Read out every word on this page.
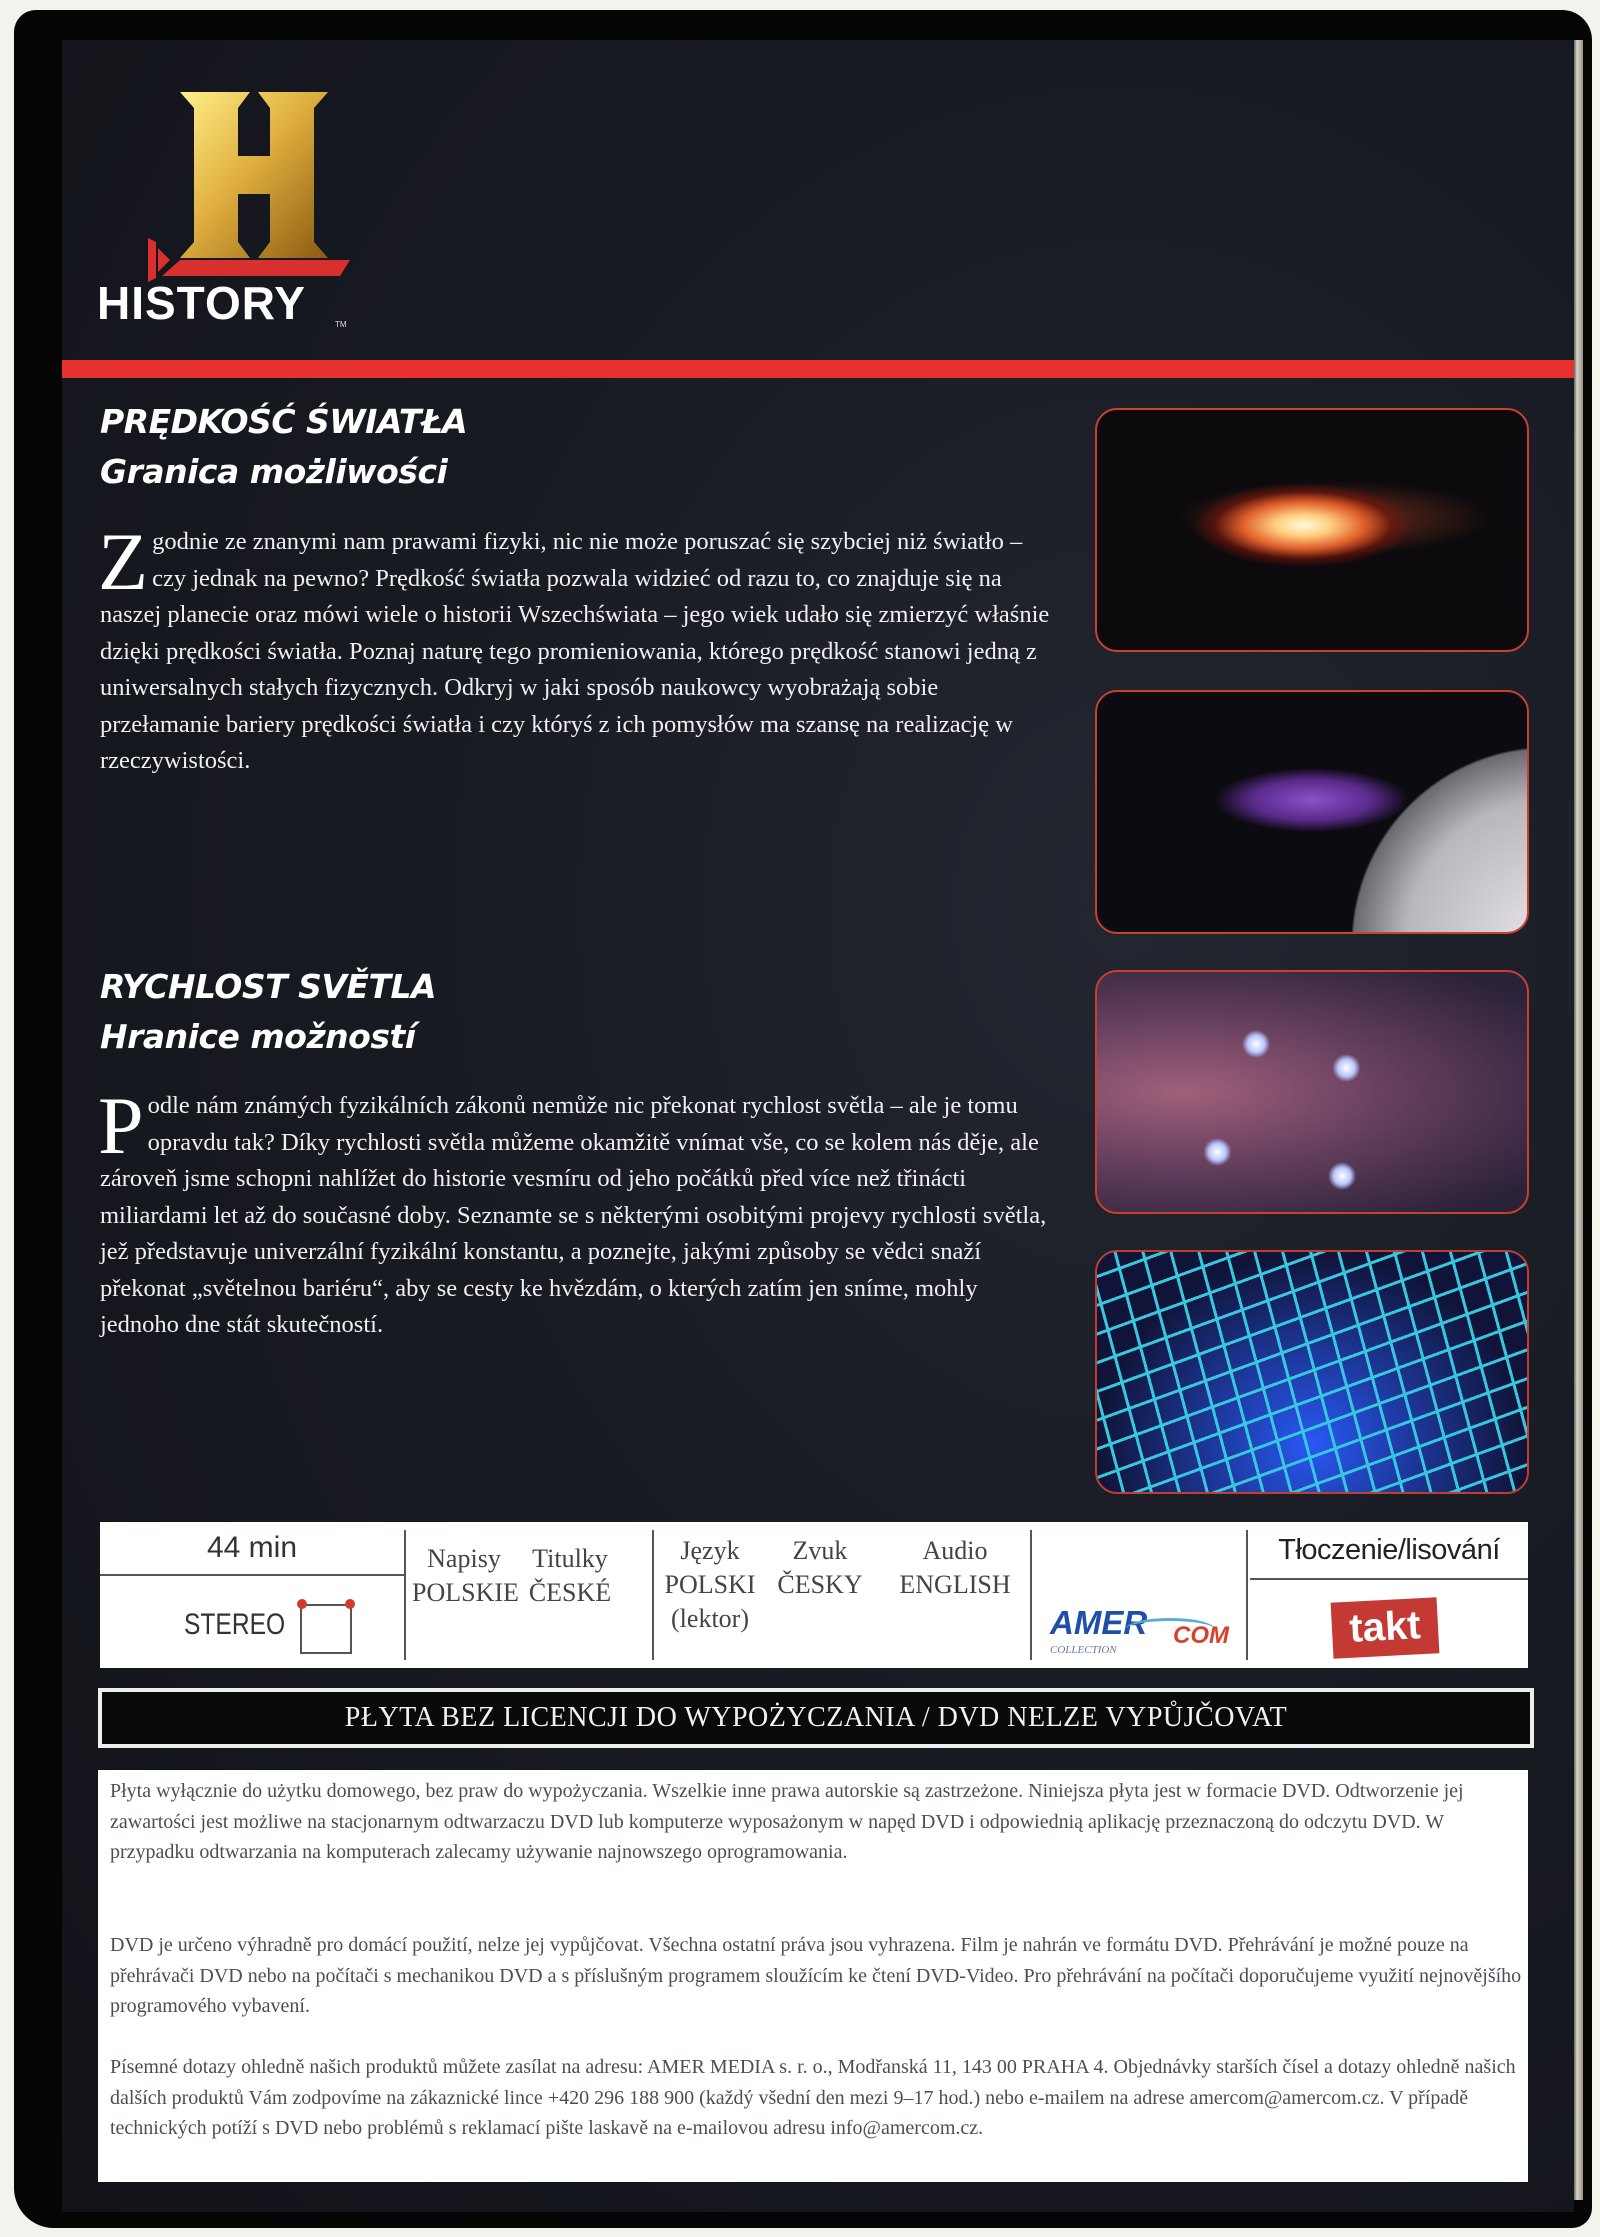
HISTORY	TM
PRĘDKOŚĆ ŚWIATŁA
Granica możliwości
Zgodnie ze znanymi nam prawami fizyki, nic nie może poruszać się szybciej niż światło – czy jednak na pewno? Prędkość światła pozwala widzieć od razu to, co znajduje się na naszej planecie oraz mówi wiele o historii Wszechświata – jego wiek udało się zmierzyć właśnie dzięki prędkości światła. Poznaj naturę tego promieniowania, którego prędkość stanowi jedną z uniwersalnych stałych fizycznych. Odkryj w jaki sposób naukowcy wyobrażają sobie przełamanie bariery prędkości światła i czy któryś z ich pomysłów ma szansę na realizację w rzeczywistości.
RYCHLOST SVĚTLA
Hranice možností
Podle nám známých fyzikálních zákonů nemůže nic překonat rychlost světla – ale je tomu opravdu tak? Díky rychlosti světla můžeme okamžitě vnímat vše, co se kolem nás děje, ale zároveň jsme schopni nahlížet do historie vesmíru od jeho počátků před více než třinácti miliardami let až do současné doby. Seznamte se s některými osobitými projevy rychlosti světla, jež představuje univerzální fyzikální konstantu, a poznejte, jakými způsoby se vědci snaží překonat „světelnou bariéru“, aby se cesty ke hvězdám, o kterých zatím jen sníme, mohly jednoho dne stát skutečností.
44 min
STEREO
Napisy
POLSKIE
Titulky
ČESKÉ
Język
POLSKI
(lektor)
Zvuk
ČESKY
Audio
ENGLISH
AMER COM
COLLECTION
Tłoczenie/lisování
takt
PŁYTA BEZ LICENCJI DO WYPOŻYCZANIA / DVD NELZE VYPŮJČOVAT

Płyta wyłącznie do użytku domowego, bez praw do wypożyczania. Wszelkie inne prawa autorskie są zastrzeżone. Niniejsza płyta jest w formacie DVD. Odtworzenie jej zawartości jest możliwe na stacjonarnym odtwarzaczu DVD lub komputerze wyposażonym w napęd DVD i odpowiednią aplikację przeznaczoną do odczytu DVD. W przypadku odtwarzania na komputerach zalecamy używanie najnowszego oprogramowania.

DVD je určeno výhradně pro domácí použití, nelze jej vypůjčovat. Všechna ostatní práva jsou vyhrazena. Film je nahrán ve formátu DVD. Přehrávání je možné pouze na přehrávači DVD nebo na počítači s mechanikou DVD a s příslušným programem sloužícím ke čtení DVD-Video. Pro přehrávání na počítači doporučujeme využití nejnovějšího programového vybavení.

Písemné dotazy ohledně našich produktů můžete zasílat na adresu: AMER MEDIA s. r. o., Modřanská 11, 143 00 PRAHA 4. Objednávky starších čísel a dotazy ohledně našich dalších produktů Vám zodpovíme na zákaznické lince +420 296 188 900 (každý všední den mezi 9–17 hod.) nebo e-mailem na adrese amercom@amercom.cz. V případě technických potíží s DVD nebo problémů s reklamací pište laskavě na e-mailovou adresu info@amercom.cz.
